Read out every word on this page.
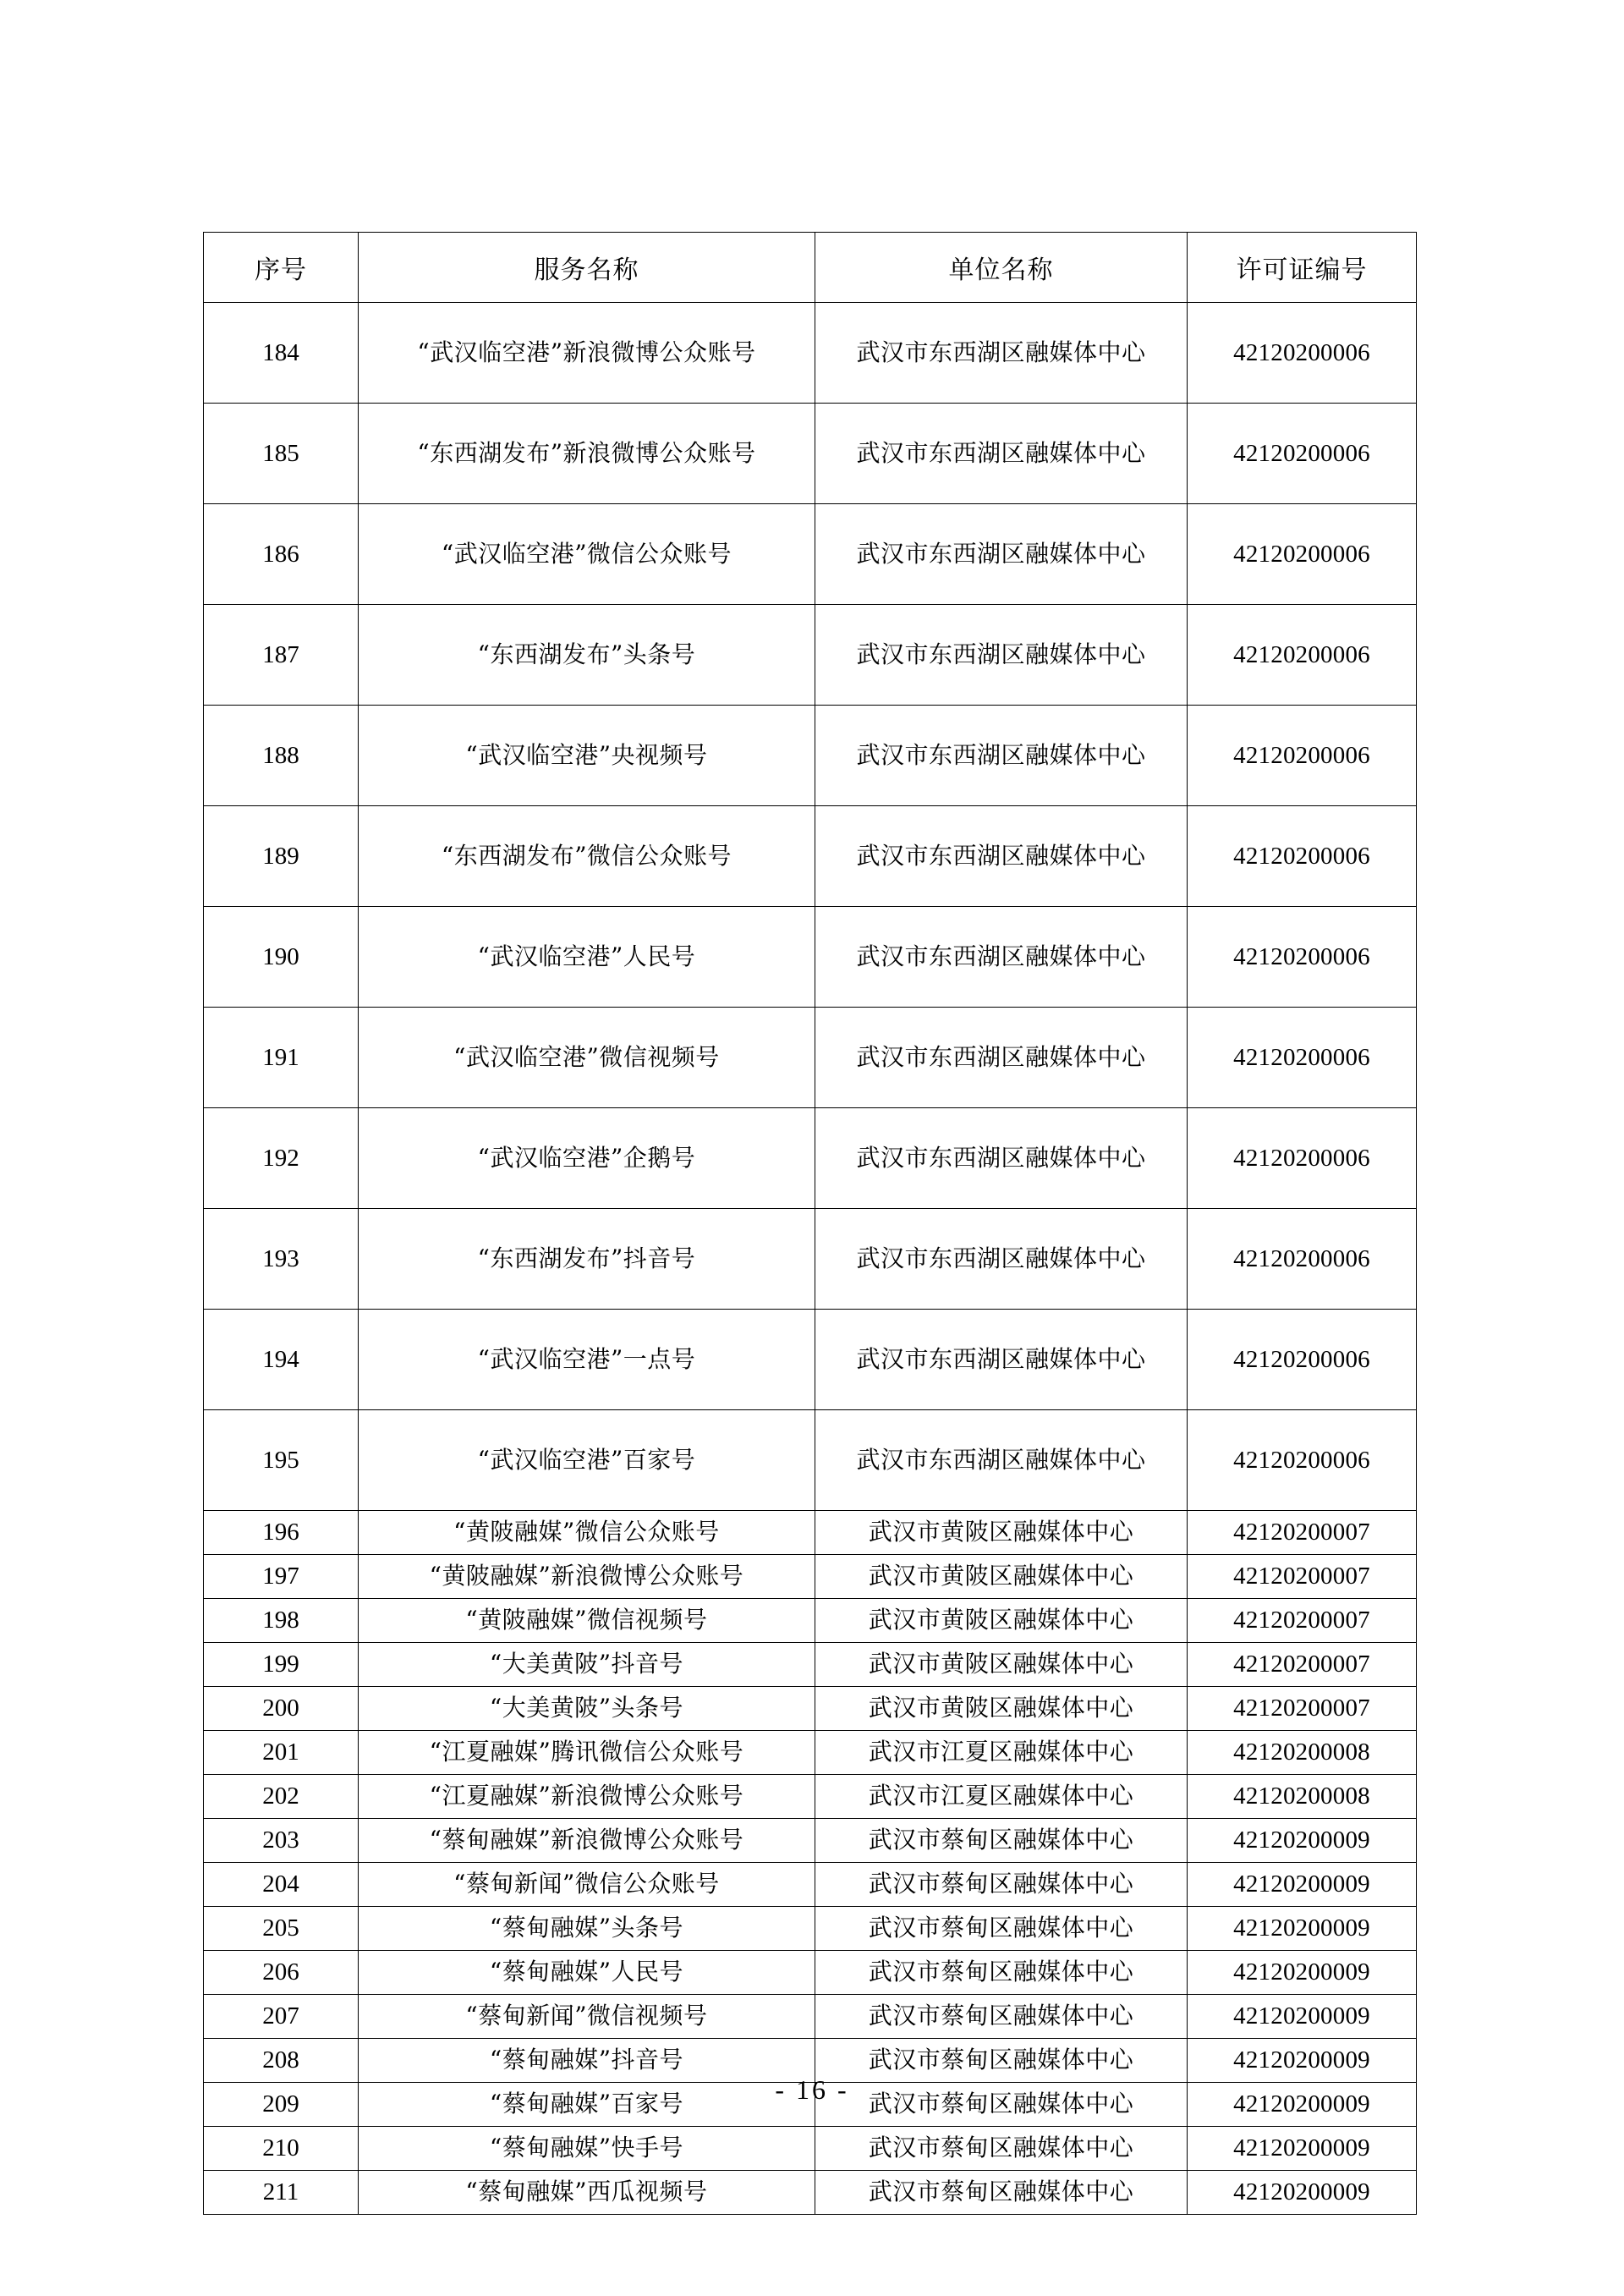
序号	服务名称	单位名称	许可证编号
184	“武汉临空港”新浪微博公众账号	武汉市东西湖区融媒体中心	42120200006
185	“东西湖发布”新浪微博公众账号	武汉市东西湖区融媒体中心	42120200006
186	“武汉临空港”微信公众账号	武汉市东西湖区融媒体中心	42120200006
187	“东西湖发布”头条号	武汉市东西湖区融媒体中心	42120200006
188	“武汉临空港”央视频号	武汉市东西湖区融媒体中心	42120200006
189	“东西湖发布”微信公众账号	武汉市东西湖区融媒体中心	42120200006
190	“武汉临空港”人民号	武汉市东西湖区融媒体中心	42120200006
191	“武汉临空港”微信视频号	武汉市东西湖区融媒体中心	42120200006
192	“武汉临空港”企鹅号	武汉市东西湖区融媒体中心	42120200006
193	“东西湖发布”抖音号	武汉市东西湖区融媒体中心	42120200006
194	“武汉临空港”一点号	武汉市东西湖区融媒体中心	42120200006
195	“武汉临空港”百家号	武汉市东西湖区融媒体中心	42120200006
196	“黄陂融媒”微信公众账号	武汉市黄陂区融媒体中心	42120200007
197	“黄陂融媒”新浪微博公众账号	武汉市黄陂区融媒体中心	42120200007
198	“黄陂融媒”微信视频号	武汉市黄陂区融媒体中心	42120200007
199	“大美黄陂”抖音号	武汉市黄陂区融媒体中心	42120200007
200	“大美黄陂”头条号	武汉市黄陂区融媒体中心	42120200007
201	“江夏融媒”腾讯微信公众账号	武汉市江夏区融媒体中心	42120200008
202	“江夏融媒”新浪微博公众账号	武汉市江夏区融媒体中心	42120200008
203	“蔡甸融媒”新浪微博公众账号	武汉市蔡甸区融媒体中心	42120200009
204	“蔡甸新闻”微信公众账号	武汉市蔡甸区融媒体中心	42120200009
205	“蔡甸融媒”头条号	武汉市蔡甸区融媒体中心	42120200009
206	“蔡甸融媒”人民号	武汉市蔡甸区融媒体中心	42120200009
207	“蔡甸新闻”微信视频号	武汉市蔡甸区融媒体中心	42120200009
208	“蔡甸融媒”抖音号	武汉市蔡甸区融媒体中心	42120200009
209	“蔡甸融媒”百家号	武汉市蔡甸区融媒体中心	42120200009
210	“蔡甸融媒”快手号	武汉市蔡甸区融媒体中心	42120200009
211	“蔡甸融媒”西瓜视频号	武汉市蔡甸区融媒体中心	42120200009
- 16 -
